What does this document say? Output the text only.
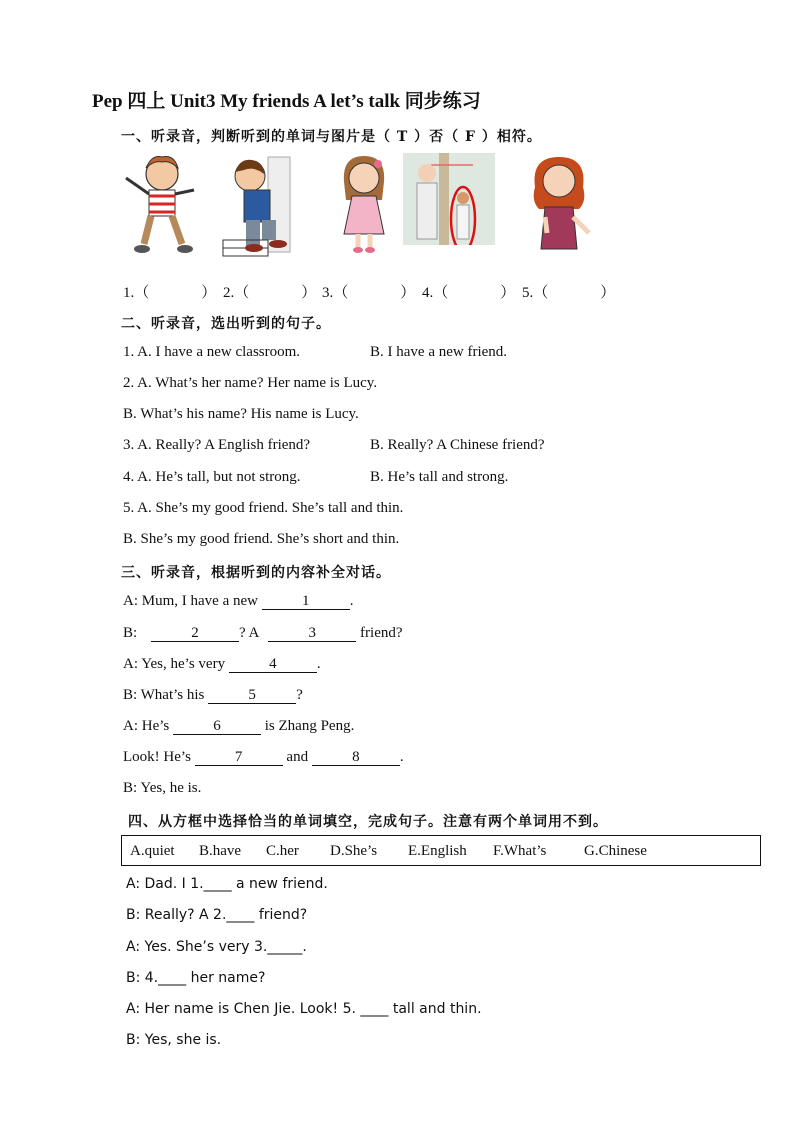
Pep 四上 Unit3 My friends A let’s talk 同步练习
一、听录音，判断听到的单词与图片是（ T ）否（ F ）相符。
1.（	） 2.（	） 3.（	） 4.（	） 5.（	）
二、听录音，选出听到的句子。
1. A. I have a new classroom.	B. I have a new friend.
2. A. What’s her name? Her name is Lucy.
B. What’s his name? His name is Lucy.
3. A. Really? A English friend?	B. Really? A Chinese friend?
4. A. He’s tall, but not strong.	B. He’s tall and strong.
5. A. She’s my good friend. She’s tall and thin.
B. She’s my good friend. She’s short and thin.
三、听录音，根据听到的内容补全对话。
A: Mum, I have a new	1	.
B:	2	? A	3	friend?
A: Yes, he’s very	4	.
B: What’s his	5	?
A: He’s	6	is Zhang Peng.
Look! He’s	7	and	8	.
B: Yes, he is.
四、从方框中选择恰当的单词填空，完成句子。注意有两个单词用不到。
A.quiet B.have C.her D.She’s E.English F.What’s	G.Chinese
A: Dad. I 1.____ a new friend.
B: Really? A 2.____ friend?
A: Yes. She’s very 3._____.
B: 4.____ her name?
A: Her name is Chen Jie. Look! 5. ____ tall and thin.
B: Yes, she is.
